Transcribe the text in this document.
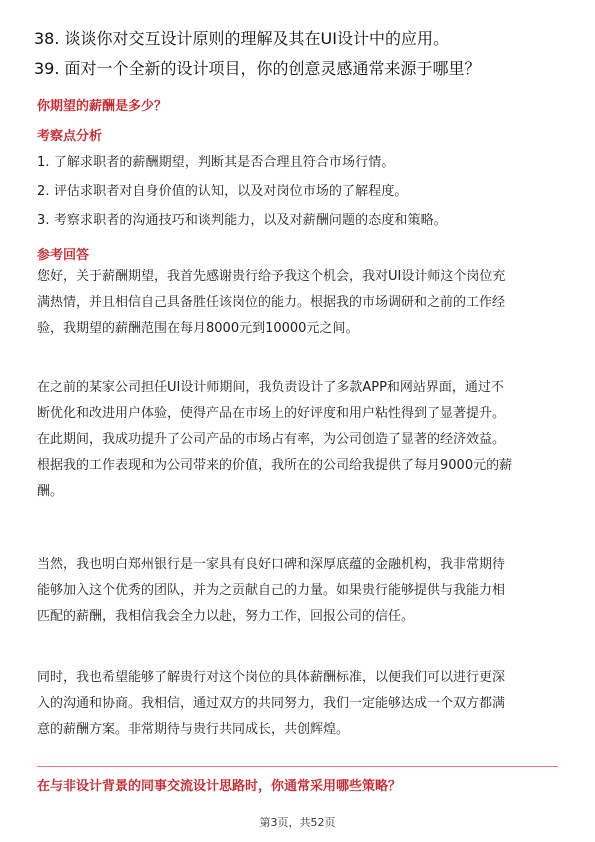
38. 谈谈你对交互设计原则的理解及其在UI设计中的应用。
39. 面对一个全新的设计项目，你的创意灵感通常来源于哪里？
你期望的薪酬是多少？
考察点分析
1. 了解求职者的薪酬期望，判断其是否合理且符合市场行情。
2. 评估求职者对自身价值的认知，以及对岗位市场的了解程度。
3. 考察求职者的沟通技巧和谈判能力，以及对薪酬问题的态度和策略。
参考回答
您好，关于薪酬期望，我首先感谢贵行给予我这个机会，我对UI设计师这个岗位充
满热情，并且相信自己具备胜任该岗位的能力。根据我的市场调研和之前的工作经
验，我期望的薪酬范围在每月8000元到10000元之间。
在之前的某家公司担任UI设计师期间，我负责设计了多款APP和网站界面，通过不
断优化和改进用户体验，使得产品在市场上的好评度和用户粘性得到了显著提升。
在此期间，我成功提升了公司产品的市场占有率，为公司创造了显著的经济效益。
根据我的工作表现和为公司带来的价值，我所在的公司给我提供了每月9000元的薪
酬。
当然，我也明白郑州银行是一家具有良好口碑和深厚底蕴的金融机构，我非常期待
能够加入这个优秀的团队，并为之贡献自己的力量。如果贵行能够提供与我能力相
匹配的薪酬，我相信我会全力以赴，努力工作，回报公司的信任。
同时，我也希望能够了解贵行对这个岗位的具体薪酬标准，以便我们可以进行更深
入的沟通和协商。我相信，通过双方的共同努力，我们一定能够达成一个双方都满
意的薪酬方案。非常期待与贵行共同成长，共创辉煌。
在与非设计背景的同事交流设计思路时，你通常采用哪些策略？
第3页，共52页
